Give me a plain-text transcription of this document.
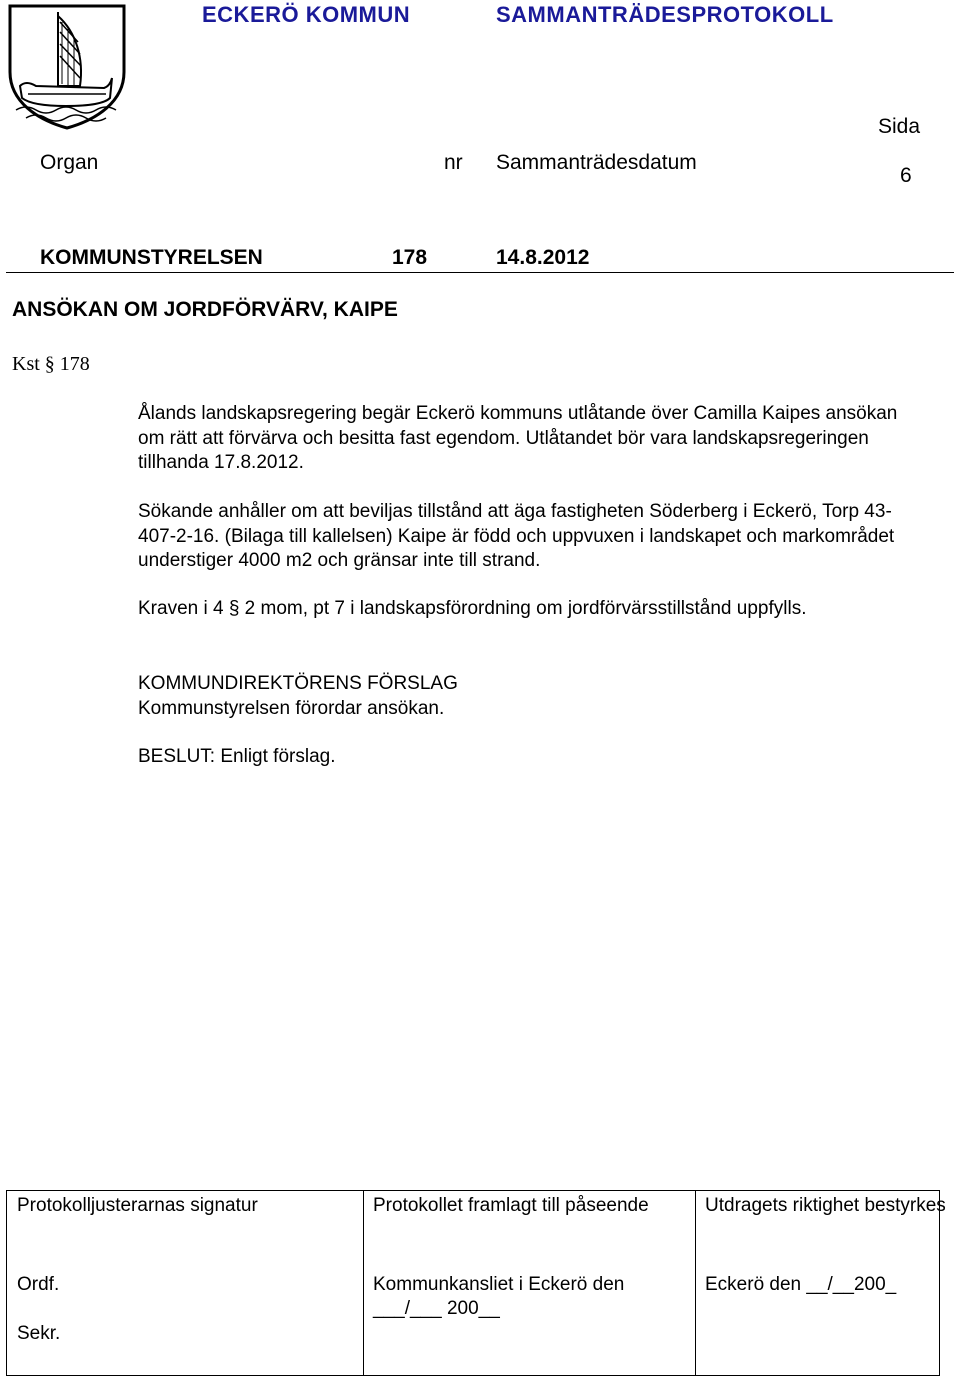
ECKERÖ KOMMUN	SAMMANTRÄDESPROTOKOLL
Sida
6
Organ	nr Sammanträdesdatum
KOMMUNSTYRELSEN	178	14.8.2012
ANSÖKAN OM JORDFÖRVÄRV, KAIPE
Kst § 178
Ålands landskapsregering begär Eckerö kommuns utlåtande över Camilla Kaipes ansökan om rätt att förvärva och besitta fast egendom. Utlåtandet bör vara landskapsregeringen tillhanda 17.8.2012.
Sökande anhåller om att beviljas tillstånd att äga fastigheten Söderberg i Eckerö, Torp 43-407-2-16. (Bilaga till kallelsen) Kaipe är född och uppvuxen i landskapet och markområdet understiger 4000 m2 och gränsar inte till strand.
Kraven i 4 § 2 mom, pt 7 i landskapsförordning om jordförvärsstillstånd uppfylls.
KOMMUNDIREKTÖRENS FÖRSLAG
Kommunstyrelsen förordar ansökan.
BESLUT: Enligt förslag.
Protokolljusterarnas signatur
Ordf.
Sekr.
Protokollet framlagt till påseende
Kommunkansliet i Eckerö den ___/___ 200__
Utdragets riktighet bestyrkes
Eckerö den __/__200_
